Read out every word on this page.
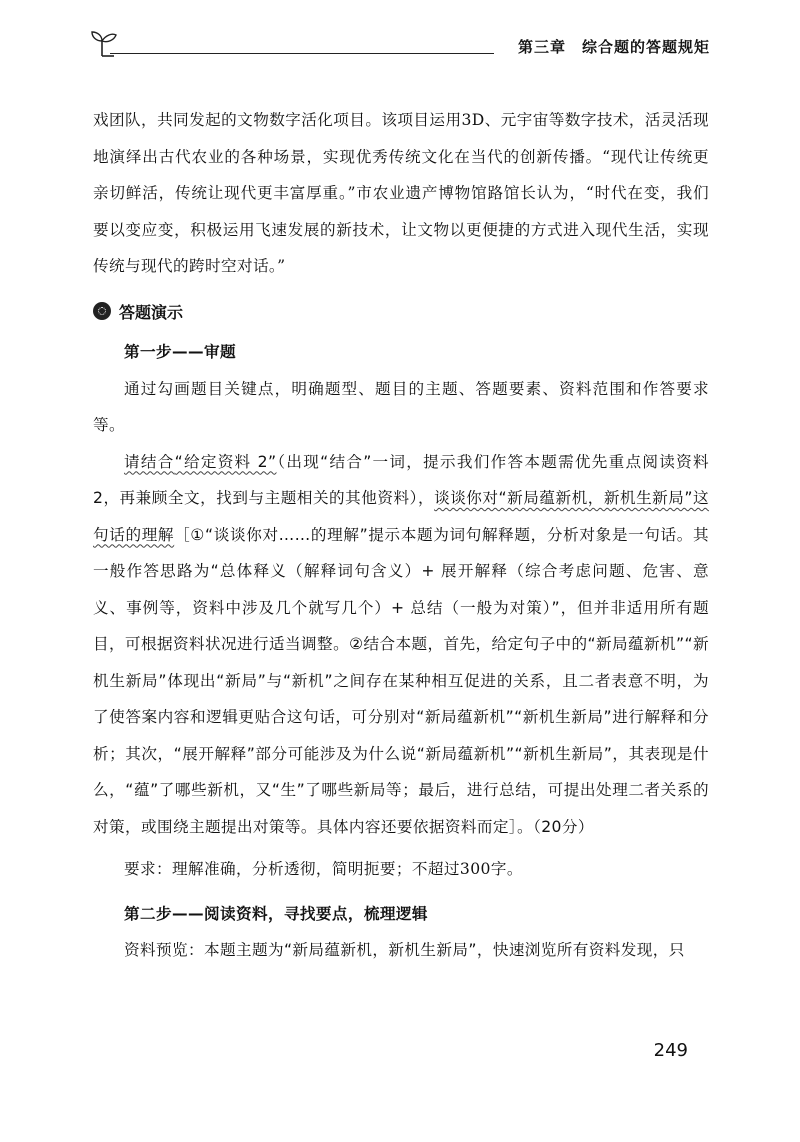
第三章 综合题的答题规矩

戏团队，共同发起的文物数字活化项目。该项目运用3D、元宇宙等数字技术，活灵活现地演绎出古代农业的各种场景，实现优秀传统文化在当代的创新传播。“现代让传统更亲切鲜活，传统让现代更丰富厚重。”市农业遗产博物馆路馆长认为，“时代在变，我们要以变应变，积极运用飞速发展的新技术，让文物以更便捷的方式进入现代生活，实现传统与现代的跨时空对话。”

答题演示

第一步——审题

通过勾画题目关键点，明确题型、题目的主题、答题要素、资料范围和作答要求等。

请结合“给定资料 2”（出现“结合”一词，提示我们作答本题需优先重点阅读资料 2，再兼顾全文，找到与主题相关的其他资料），谈谈你对“新局蕴新机，新机生新局”这句话的理解［①“谈谈你对……的理解”提示本题为词句解释题，分析对象是一句话。其一般作答思路为“总体释义（解释词句含义）+ 展开解释（综合考虑问题、危害、意义、事例等，资料中涉及几个就写几个）+ 总结（一般为对策）”，但并非适用所有题目，可根据资料状况进行适当调整。②结合本题，首先，给定句子中的“新局蕴新机”“新机生新局”体现出“新局”与“新机”之间存在某种相互促进的关系，且二者表意不明，为了使答案内容和逻辑更贴合这句话，可分别对“新局蕴新机”“新机生新局”进行解释和分析；其次，“展开解释”部分可能涉及为什么说“新局蕴新机”“新机生新局”，其表现是什么，“蕴”了哪些新机，又“生”了哪些新局等；最后，进行总结，可提出处理二者关系的对策，或围绕主题提出对策等。具体内容还要依据资料而定］。（20分）

要求：理解准确，分析透彻，简明扼要；不超过300字。

第二步——阅读资料，寻找要点，梳理逻辑

资料预览：本题主题为“新局蕴新机，新机生新局”，快速浏览所有资料发现，只

249
